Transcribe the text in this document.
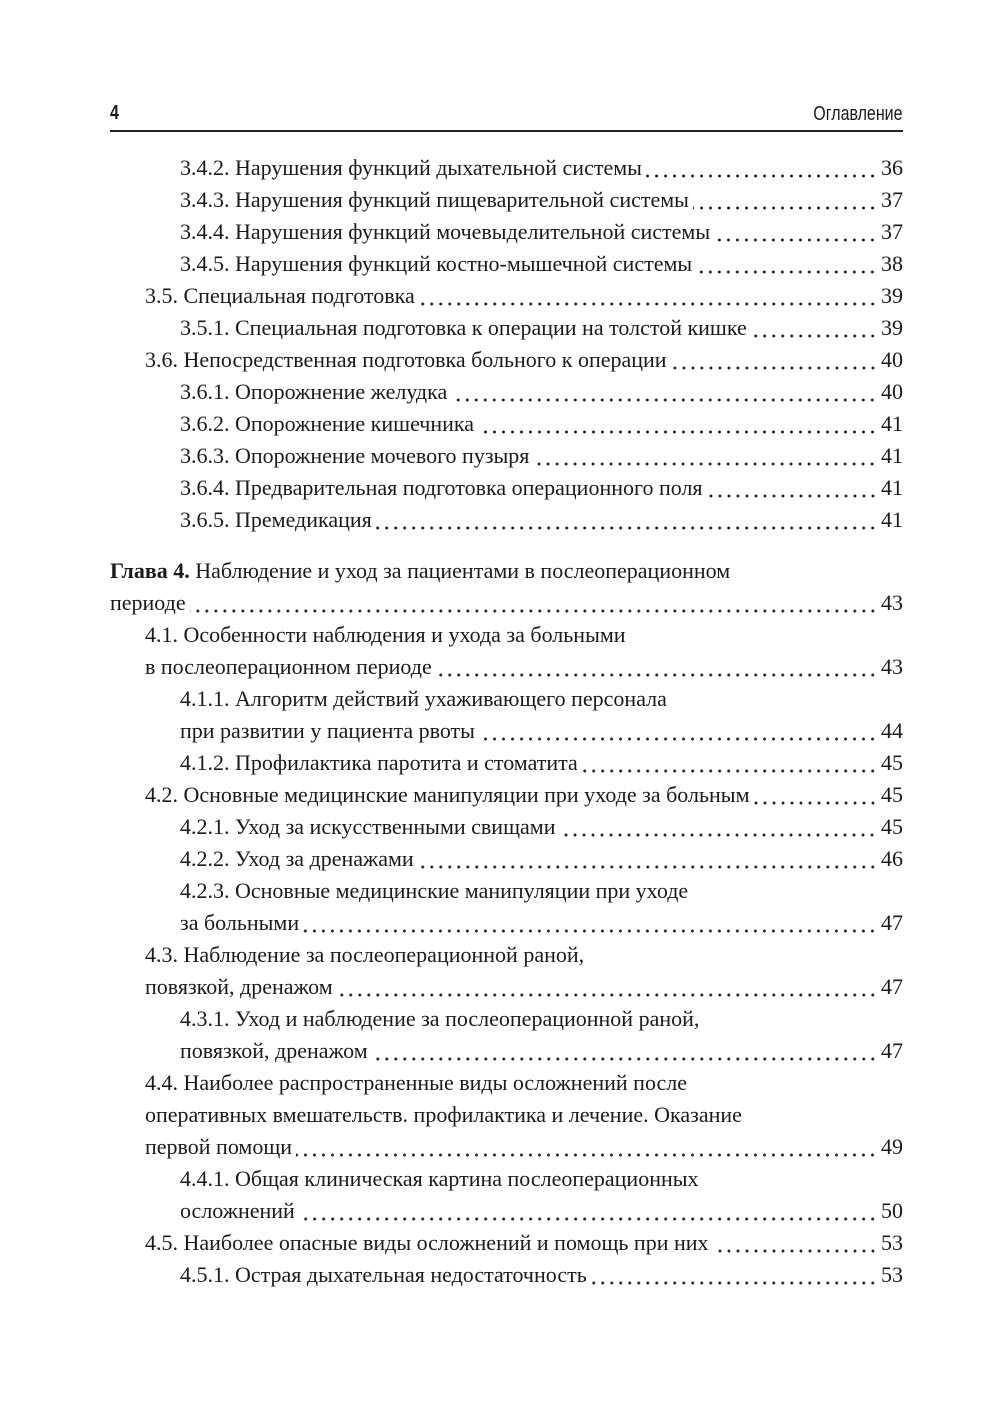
4	Оглавление
3.4.2. Нарушения функций дыхательной системы	36
3.4.3. Нарушения функций пищеварительной системы	37
3.4.4. Нарушения функций мочевыделительной системы	37
3.4.5. Нарушения функций костно-мышечной системы	38
3.5. Специальная подготовка	39
3.5.1. Специальная подготовка к операции на толстой кишке	39
3.6. Непосредственная подготовка больного к операции	40
3.6.1. Опорожнение желудка	40
3.6.2. Опорожнение кишечника	41
3.6.3. Опорожнение мочевого пузыря	41
3.6.4. Предварительная подготовка операционного поля	41
3.6.5. Премедикация	41
Глава 4. Наблюдение и уход за пациентами в послеоперационном
периоде	43
4.1. Особенности наблюдения и ухода за больными
в послеоперационном периоде	43
4.1.1. Алгоритм действий ухаживающего персонала
при развитии у пациента рвоты	44
4.1.2. Профилактика паротита и стоматита	45
4.2. Основные медицинские манипуляции при уходе за больным	45
4.2.1. Уход за искусственными свищами	45
4.2.2. Уход за дренажами	46
4.2.3. Основные медицинские манипуляции при уходе
за больными	47
4.3. Наблюдение за послеоперационной раной,
повязкой, дренажом	47
4.3.1. Уход и наблюдение за послеоперационной раной,
повязкой, дренажом	47
4.4. Наиболее распространенные виды осложнений после
оперативных вмешательств. профилактика и лечение. Оказание
первой помощи	49
4.4.1. Общая клиническая картина послеоперационных
осложнений	50
4.5. Наиболее опасные виды осложнений и помощь при них	53
4.5.1. Острая дыхательная недостаточность	53
